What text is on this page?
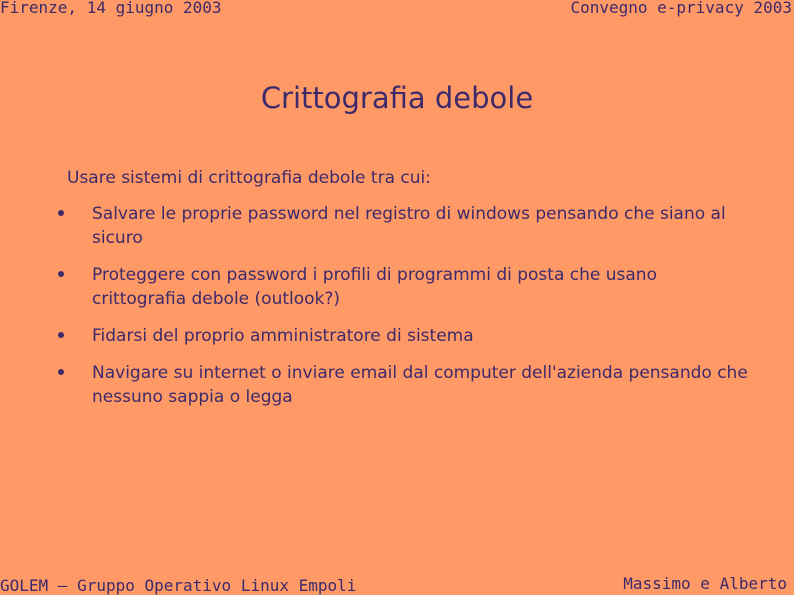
Firenze, 14 giugno 2003	Convegno e-privacy 2003
Crittografia debole
Usare sistemi di crittografia debole tra cui:
Salvare le proprie password nel registro di windows pensando che siano al sicuro
Proteggere con password i profili di programmi di posta che usano crittografia debole (outlook?)
Fidarsi del proprio amministratore di sistema
Navigare su internet o inviare email dal computer dell'azienda pensando che nessuno sappia o legga
GOLEM – Gruppo Operativo Linux Empoli	Massimo e Alberto
